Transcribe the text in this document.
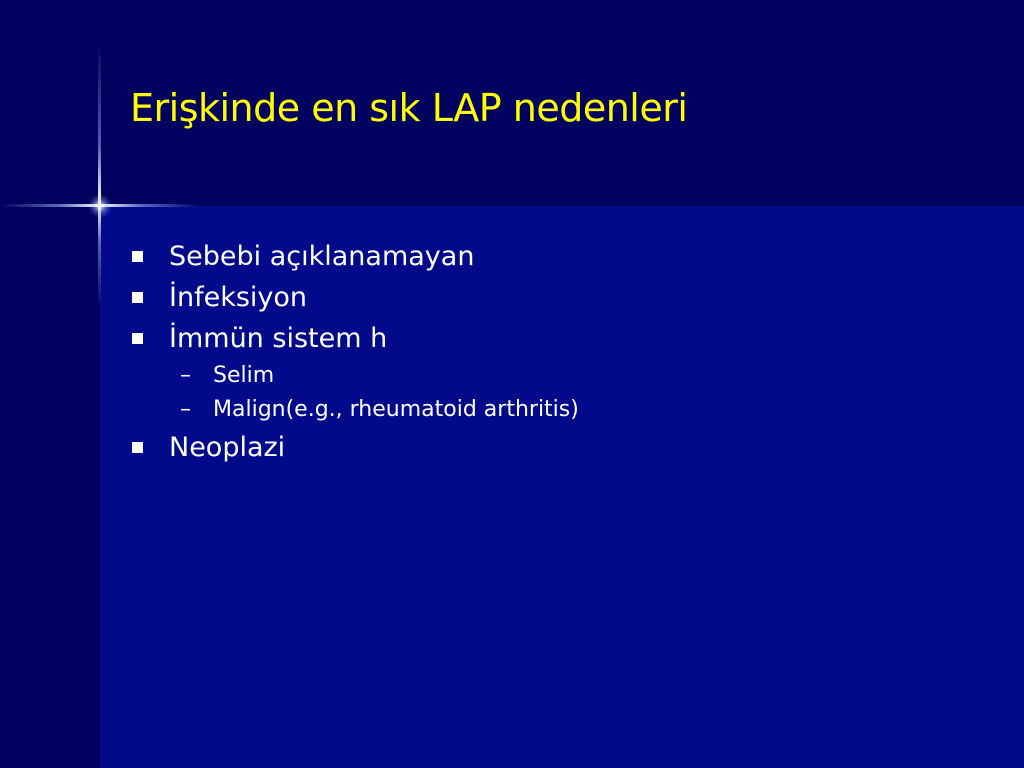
Erişkinde en sık LAP nedenleri
Sebebi açıklanamayan
İnfeksiyon
İmmün sistem h
– Selim
– Malign(e.g., rheumatoid arthritis)
Neoplazi
